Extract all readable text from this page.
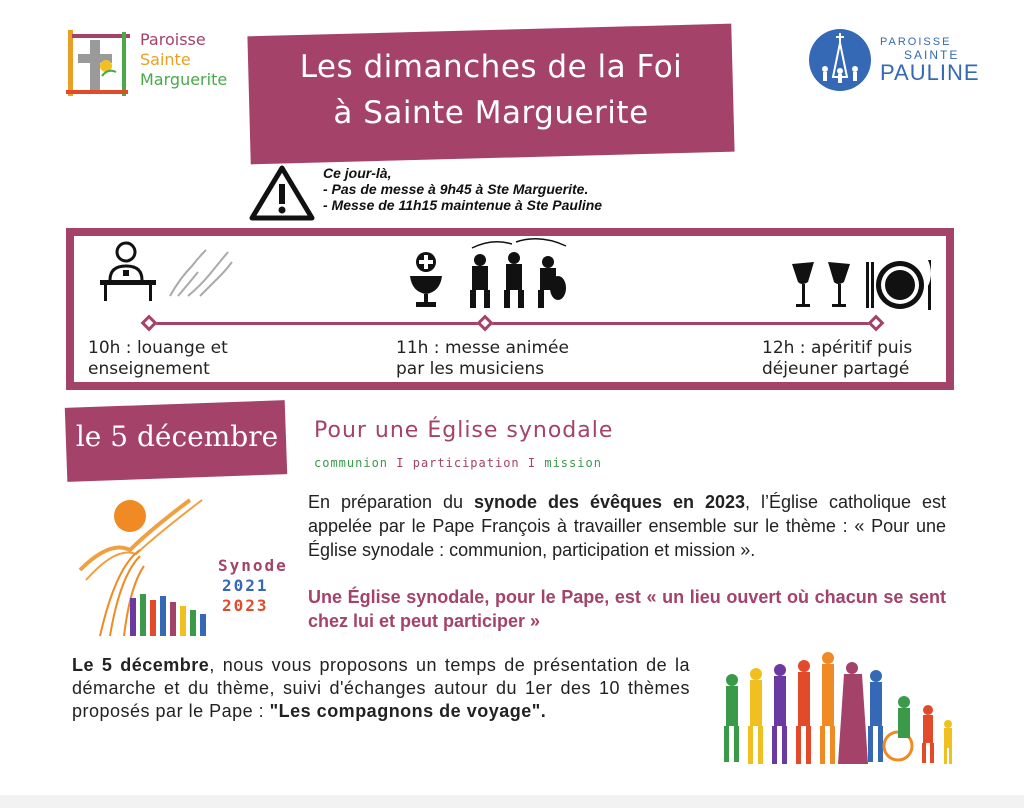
Paroisse
Sainte
Marguerite
PAROISSE
SAINTE
PAULINE
Les dimanches de la Foi
à Sainte Marguerite
Ce jour-là,
- Pas de messe à 9h45 à Ste Marguerite.
- Messe de 11h15 maintenue à Ste Pauline
10h : louange et
enseignement
11h : messe animée
par les musiciens
12h : apéritif puis
déjeuner partagé
le 5 décembre Pour une Église synodale
communion I participation I mission
Synode
2021
2023
En préparation du synode des évêques en 2023, l’Église catholique est appelée par le Pape François à travailler ensemble sur le thème : « Pour une Église synodale : communion, participation et mission ».
Une Église synodale, pour le Pape, est « un lieu ouvert où chacun se sent chez lui et peut participer »
Le 5 décembre, nous vous proposons un temps de présentation de la démarche et du thème, suivi d'échanges autour du 1er des 10 thèmes proposés par le Pape : "Les compagnons de voyage".
